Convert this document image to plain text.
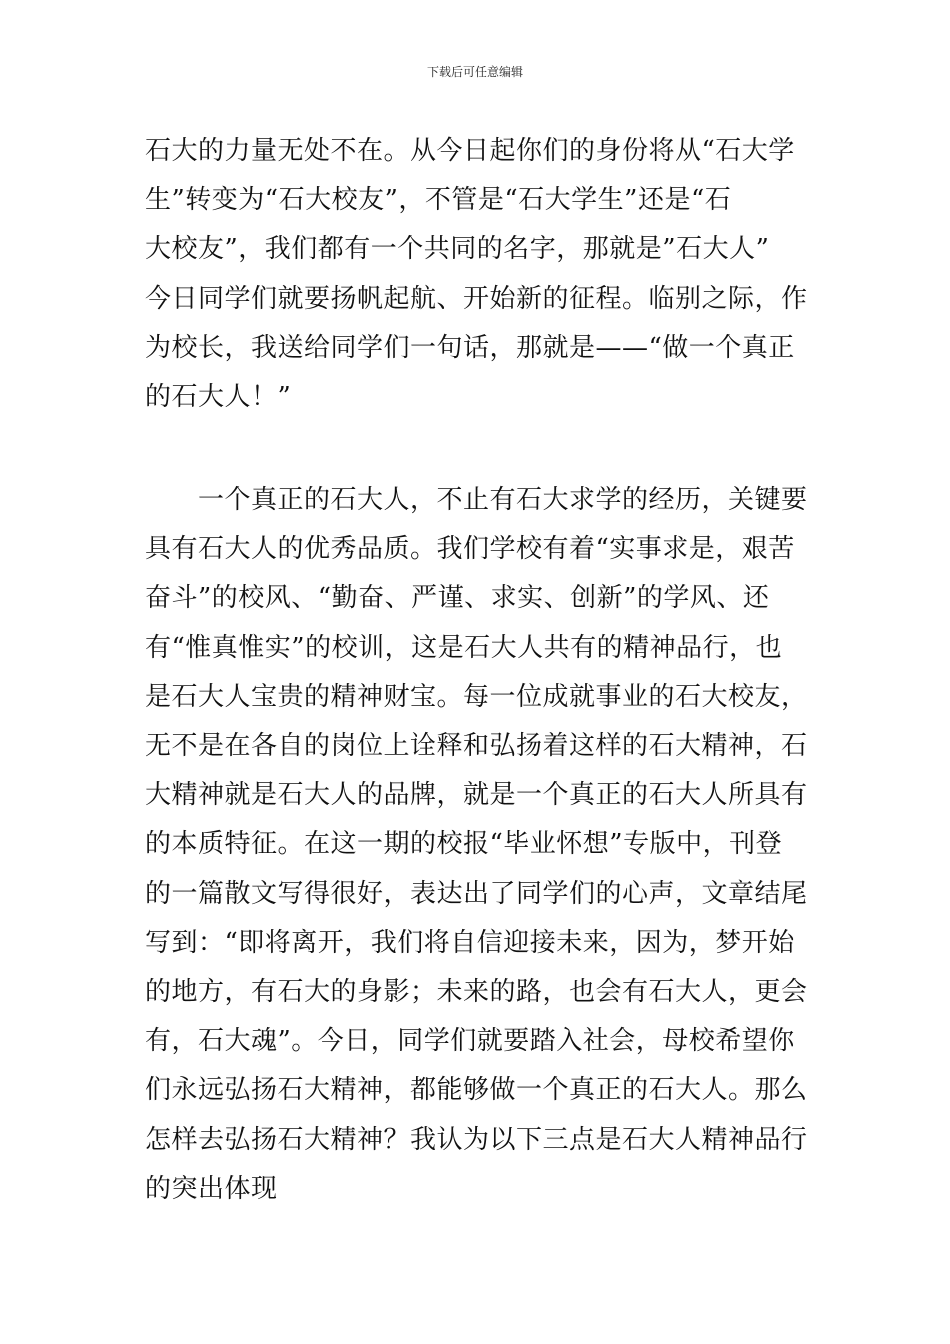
下载后可任意编辑
石大的力量无处不在。从今日起你们的身份将从“石大学
生”转变为“石大校友”，不管是“石大学生”还是“石
大校友”，我们都有一个共同的名字，那就是”石大人”
今日同学们就要扬帆起航、开始新的征程。临别之际，作
为校长，我送给同学们一句话，那就是——“做一个真正
的石大人！”
　　一个真正的石大人，不止有石大求学的经历，关键要
具有石大人的优秀品质。我们学校有着“实事求是，艰苦
奋斗”的校风、“勤奋、严谨、求实、创新”的学风、还
有“惟真惟实”的校训，这是石大人共有的精神品行，也
是石大人宝贵的精神财宝。每一位成就事业的石大校友，
无不是在各自的岗位上诠释和弘扬着这样的石大精神，石
大精神就是石大人的品牌，就是一个真正的石大人所具有
的本质特征。在这一期的校报“毕业怀想”专版中，刊登
的一篇散文写得很好，表达出了同学们的心声，文章结尾
写到：“即将离开，我们将自信迎接未来，因为，梦开始
的地方，有石大的身影；未来的路，也会有石大人，更会
有，石大魂”。今日，同学们就要踏入社会，母校希望你
们永远弘扬石大精神，都能够做一个真正的石大人。那么
怎样去弘扬石大精神？我认为以下三点是石大人精神品行
的突出体现
